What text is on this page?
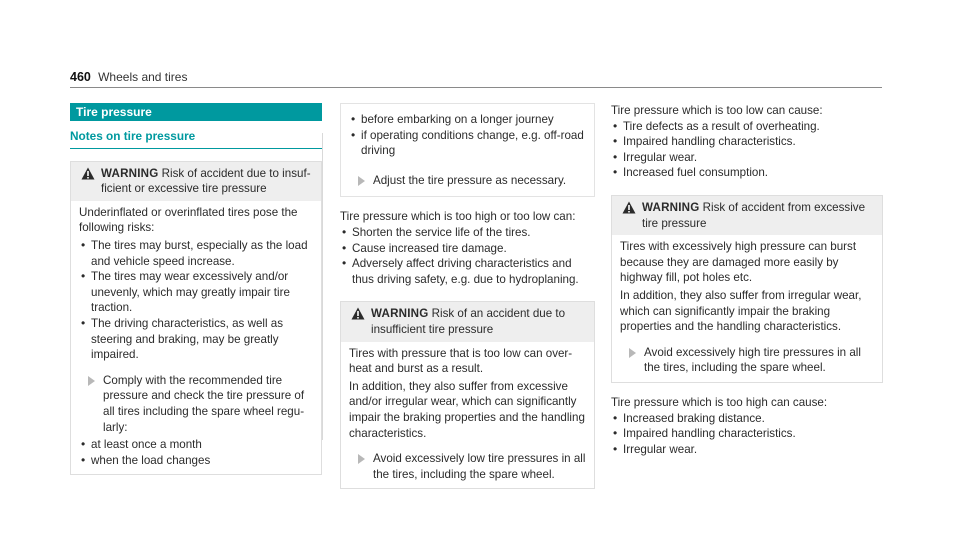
460 Wheels and tires
Tire pressure
Notes on tire pressure
WARNING Risk of accident due to insufficient or excessive tire pressure

Underinflated or overinflated tires pose the following risks:

• The tires may burst, especially as the load and vehicle speed increase.
• The tires may wear excessively and/or unevenly, which may greatly impair tire traction.
• The driving characteristics, as well as steering and braking, may be greatly impaired.
Comply with the recommended tire pressure and check the tire pressure of all tires including the spare wheel regularly:
• at least once a month
• when the load changes
• before embarking on a longer journey
• if operating conditions change, e.g. off-road driving
Adjust the tire pressure as necessary.

Tire pressure which is too high or too low can:

• Shorten the service life of the tires.
• Cause increased tire damage.
• Adversely affect driving characteristics and thus driving safety, e.g. due to hydroplaning.
WARNING Risk of an accident due to insufficient tire pressure

Tires with pressure that is too low can overheat and burst as a result.

In addition, they also suffer from excessive and/or irregular wear, which can significantly impair the braking properties and the handling characteristics.

Avoid excessively low tire pressures in all the tires, including the spare wheel.

Tire pressure which is too low can cause:

• Tire defects as a result of overheating.
• Impaired handling characteristics.
• Irregular wear.
• Increased fuel consumption.
WARNING Risk of accident from excessive tire pressure

Tires with excessively high pressure can burst because they are damaged more easily by highway fill, pot holes etc.

In addition, they also suffer from irregular wear, which can significantly impair the braking properties and the handling characteristics.

Avoid excessively high tire pressures in all the tires, including the spare wheel.

Tire pressure which is too high can cause:

• Increased braking distance.
• Impaired handling characteristics.
• Irregular wear.
